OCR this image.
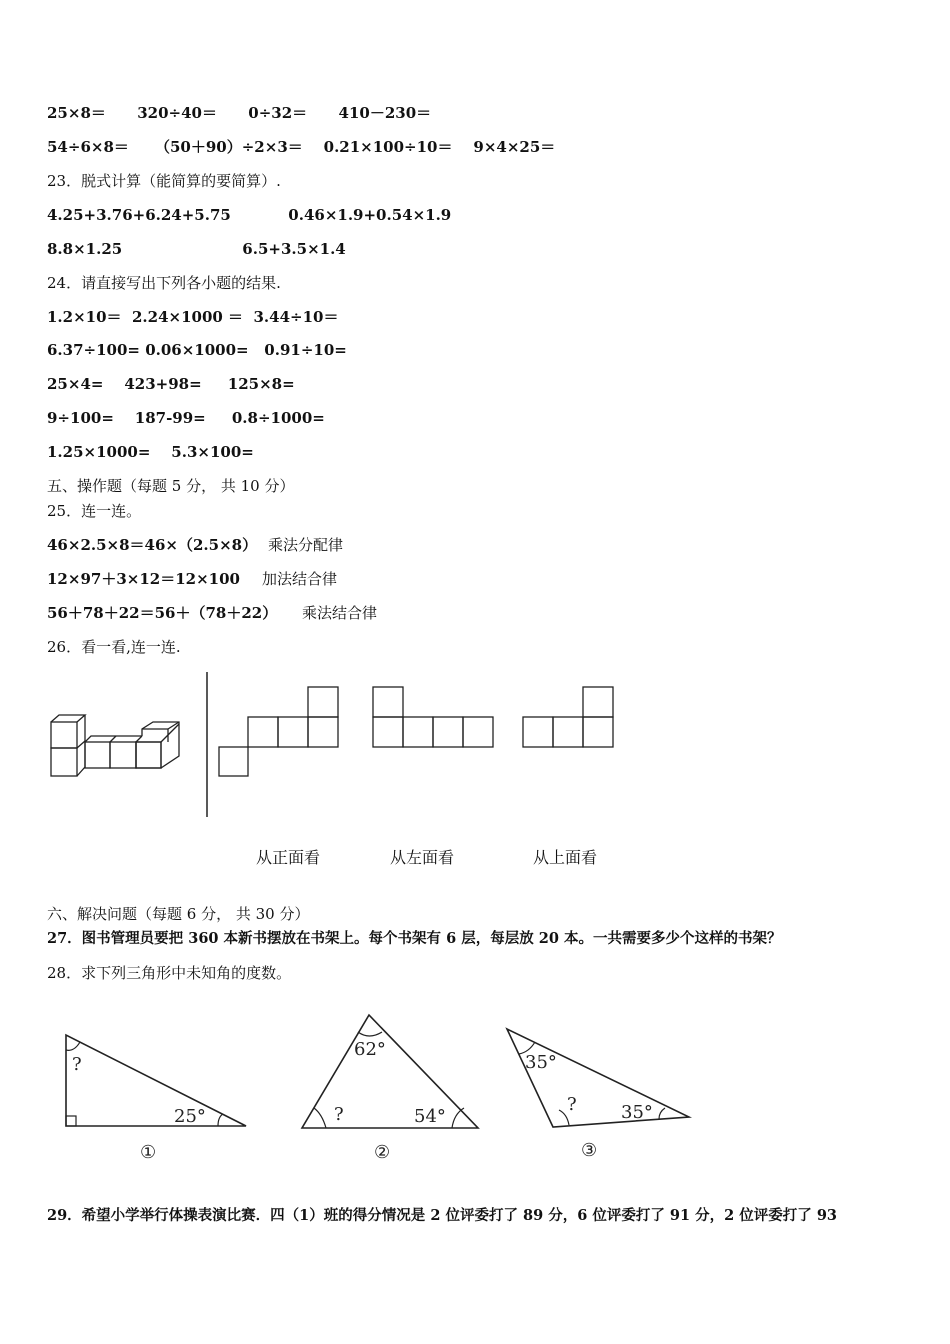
25×8＝      320÷40＝      0÷32＝      410－230＝
54÷6×8＝     （50＋90）÷2×3＝    0.21×100÷10＝    9×4×25＝
23．脱式计算（能简算的要简算）.
4.25+3.76+6.24+5.75           0.46×1.9+0.54×1.9
8.8×1.25                       6.5+3.5×1.4
24．请直接写出下列各小题的结果.
1.2×10＝  2.24×1000 ＝  3.44÷10＝
6.37÷100= 0.06×1000=   0.91÷10=
25×4=    423+98=     125×8=
9÷100=    187-99=     0.8÷1000=
1.25×1000=    5.3×100=
五、操作题（每题 5 分， 共 10 分）
25．连一连。
46×2.5×8＝46×（2.5×8） 乘法分配律
12×97＋3×12＝12×100 加法结合律
56＋78＋22＝56＋（78＋22） 乘法结合律
26．看一看,连一连.
从正面看	从左面看	从上面看
六、解决问题（每题 6 分， 共 30 分）
27．图书管理员要把 360 本新书摆放在书架上。每个书架有 6 层，每层放 20 本。一共需要多少个这样的书架？
28．求下列三角形中未知角的度数。
?
25°
①
62°
?	54°
②
35°
? 35°
③
29．希望小学举行体操表演比赛．四（1）班的得分情况是 2 位评委打了 89 分，6 位评委打了 91 分，2 位评委打了 93
